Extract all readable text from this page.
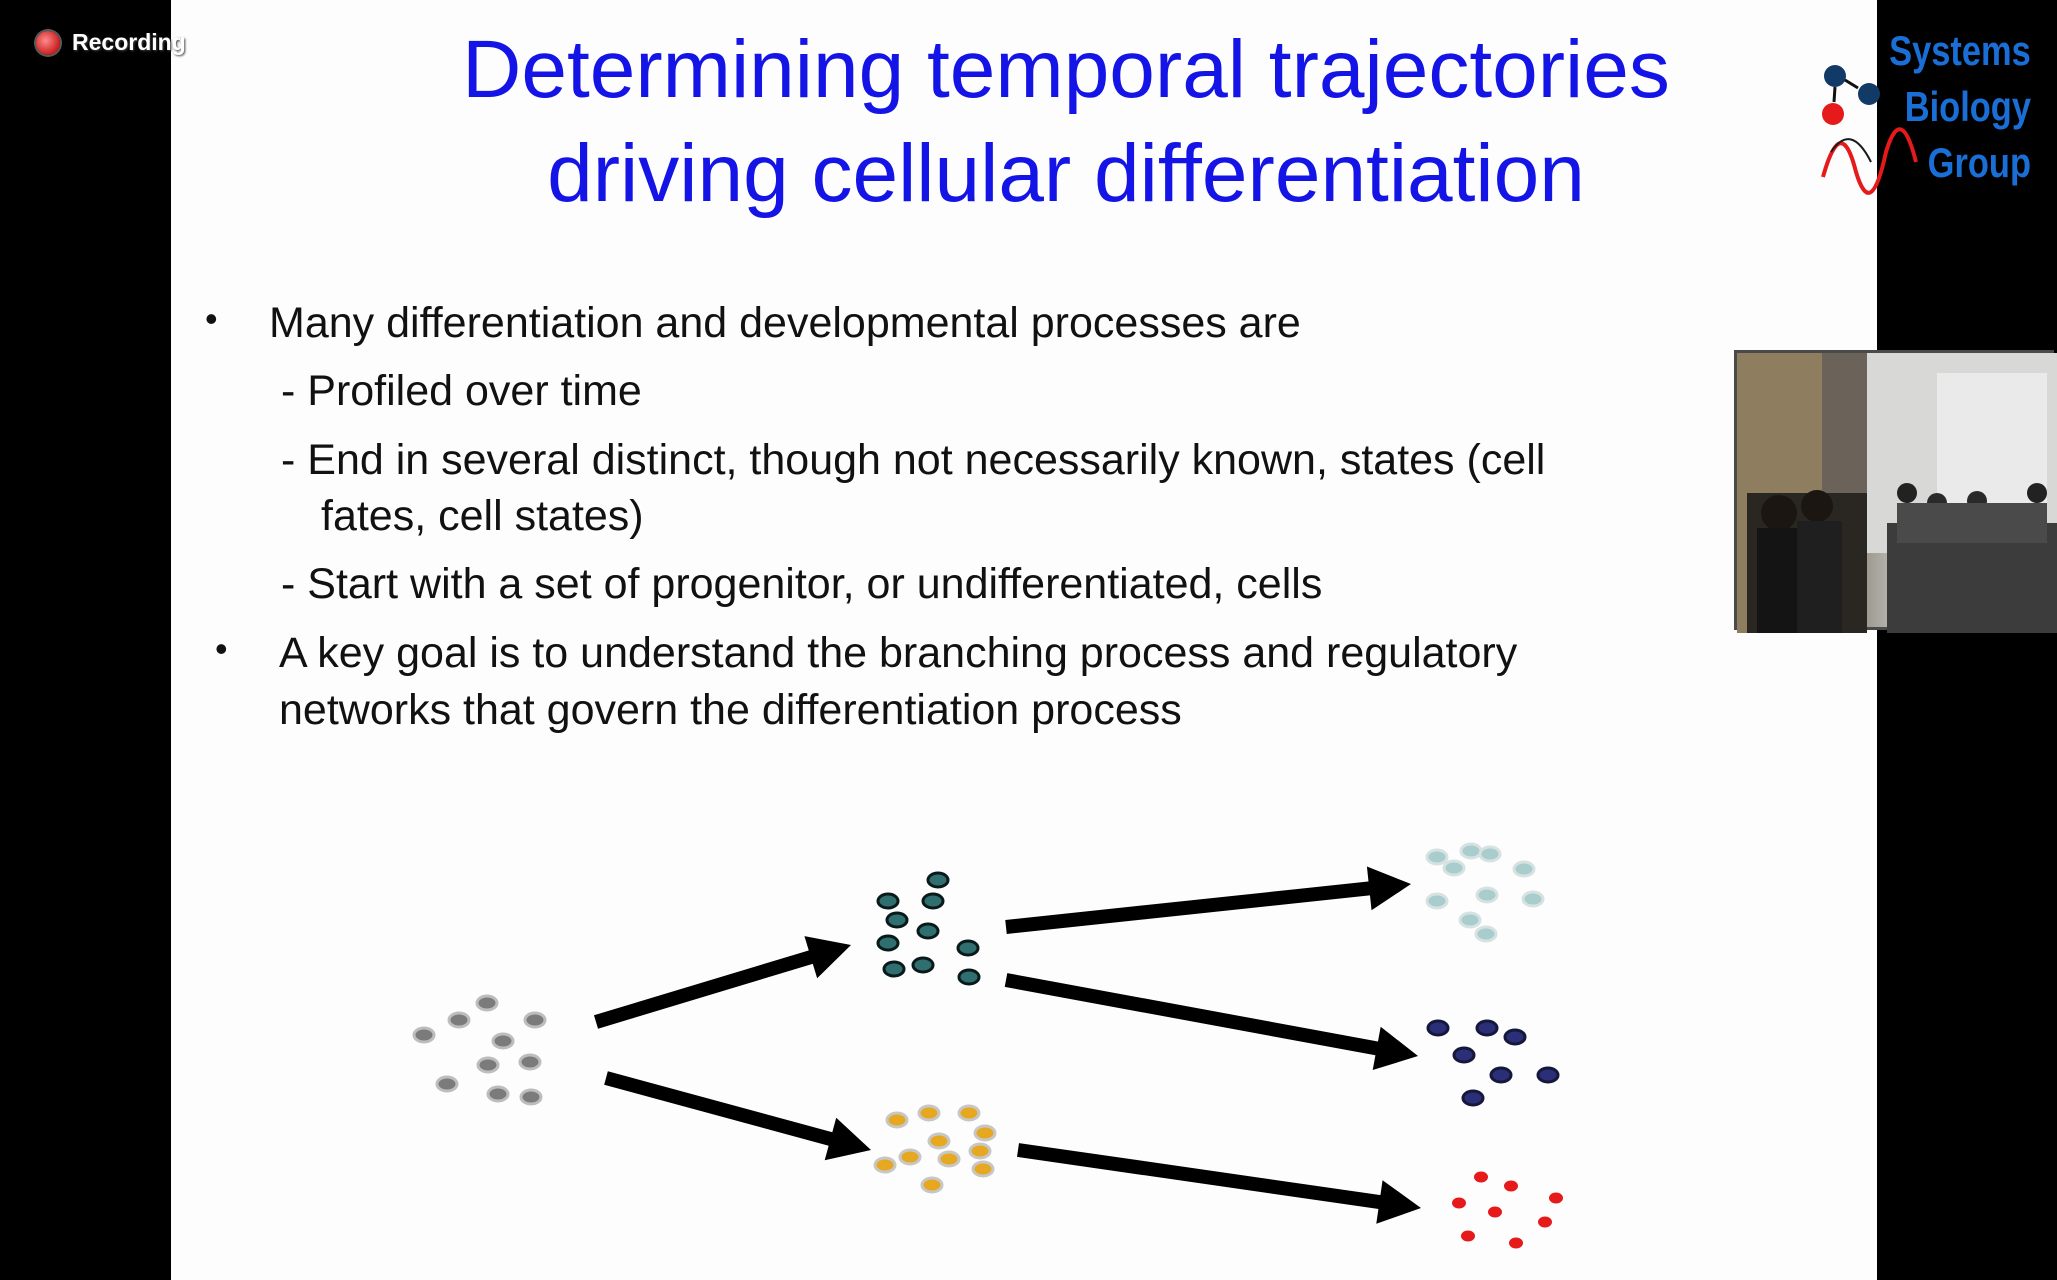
Determining temporal trajectories
driving cellular differentiation
Systems
Biology
Group
• Many differentiation and developmental processes are
- Profiled over time
- End in several distinct, though not necessarily known, states (cell
fates, cell states)
- Start with a set of progenitor, or undifferentiated, cells
• A key goal is to understand the branching process and regulatory
networks that govern the differentiation process
Recording
